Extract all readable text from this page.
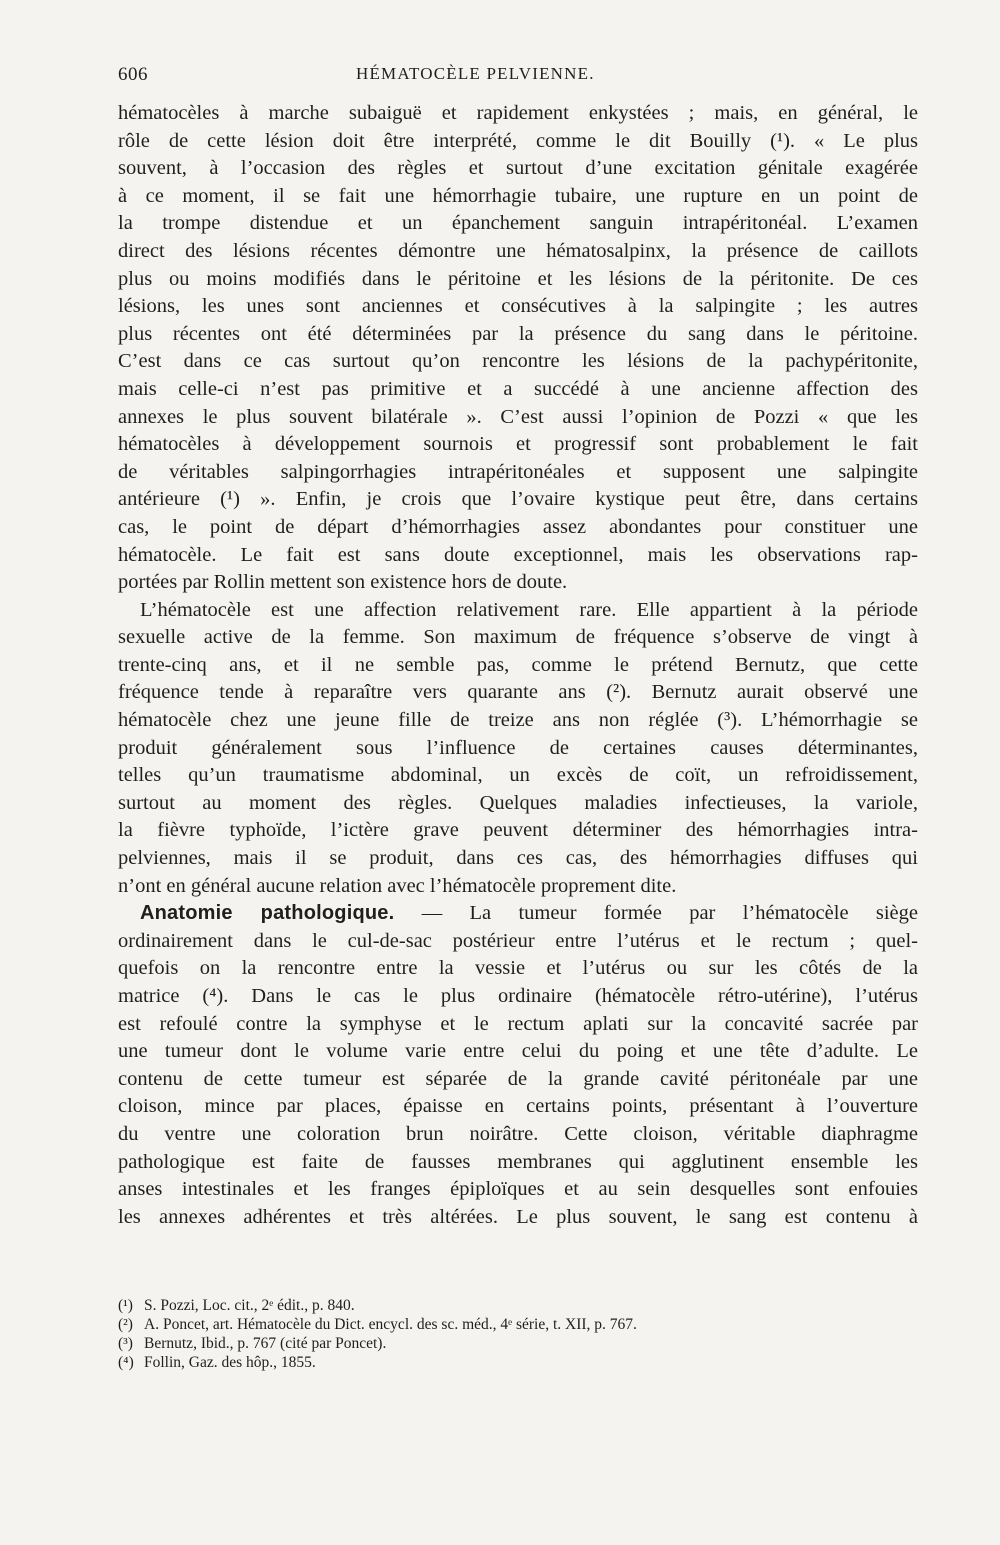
606	HÉMATOCÈLE PELVIENNE.

hématocèles à marche subaiguë et rapidement enkystées ; mais, en général, le
rôle de cette lésion doit être interprété, comme le dit Bouilly (¹). « Le plus
souvent, à l’occasion des règles et surtout d’une excitation génitale exagérée
à ce moment, il se fait une hémorrhagie tubaire, une rupture en un point de
la trompe distendue et un épanchement sanguin intrapéritonéal. L’examen
direct des lésions récentes démontre une hématosalpinx, la présence de caillots
plus ou moins modifiés dans le péritoine et les lésions de la péritonite. De ces
lésions, les unes sont anciennes et consécutives à la salpingite ; les autres
plus récentes ont été déterminées par la présence du sang dans le péritoine.
C’est dans ce cas surtout qu’on rencontre les lésions de la pachypéritonite,
mais celle-ci n’est pas primitive et a succédé à une ancienne affection des
annexes le plus souvent bilatérale ». C’est aussi l’opinion de Pozzi « que les
hématocèles à développement sournois et progressif sont probablement le fait
de véritables salpingorrhagies intrapéritonéales et supposent une salpingite
antérieure (¹) ». Enfin, je crois que l’ovaire kystique peut être, dans certains
cas, le point de départ d’hémorrhagies assez abondantes pour constituer une
hématocèle. Le fait est sans doute exceptionnel, mais les observations rap-
portées par Rollin mettent son existence hors de doute.

L’hématocèle est une affection relativement rare. Elle appartient à la période
sexuelle active de la femme. Son maximum de fréquence s’observe de vingt à
trente-cinq ans, et il ne semble pas, comme le prétend Bernutz, que cette
fréquence tende à reparaître vers quarante ans (²). Bernutz aurait observé une
hématocèle chez une jeune fille de treize ans non réglée (³). L’hémorrhagie se
produit généralement sous l’influence de certaines causes déterminantes,
telles qu’un traumatisme abdominal, un excès de coït, un refroidissement,
surtout au moment des règles. Quelques maladies infectieuses, la variole,
la fièvre typhoïde, l’ictère grave peuvent déterminer des hémorrhagies intra-
pelviennes, mais il se produit, dans ces cas, des hémorrhagies diffuses qui
n’ont en général aucune relation avec l’hématocèle proprement dite.

Anatomie pathologique. — La tumeur formée par l’hématocèle siège
ordinairement dans le cul-de-sac postérieur entre l’utérus et le rectum ; quel-
quefois on la rencontre entre la vessie et l’utérus ou sur les côtés de la
matrice (⁴). Dans le cas le plus ordinaire (hématocèle rétro-utérine), l’utérus
est refoulé contre la symphyse et le rectum aplati sur la concavité sacrée par
une tumeur dont le volume varie entre celui du poing et une tête d’adulte. Le
contenu de cette tumeur est séparée de la grande cavité péritonéale par une
cloison, mince par places, épaisse en certains points, présentant à l’ouverture
du ventre une coloration brun noirâtre. Cette cloison, véritable diaphragme
pathologique est faite de fausses membranes qui agglutinent ensemble les
anses intestinales et les franges épiploïques et au sein desquelles sont enfouies
les annexes adhérentes et très altérées. Le plus souvent, le sang est contenu à

(¹) S. Pozzi, Loc. cit., 2ᵉ édit., p. 840.
(²) A. Poncet, art. Hématocèle du Dict. encycl. des sc. méd., 4ᵉ série, t. XII, p. 767.
(³) Bernutz, Ibid., p. 767 (cité par Poncet).
(⁴) Follin, Gaz. des hôp., 1855.
